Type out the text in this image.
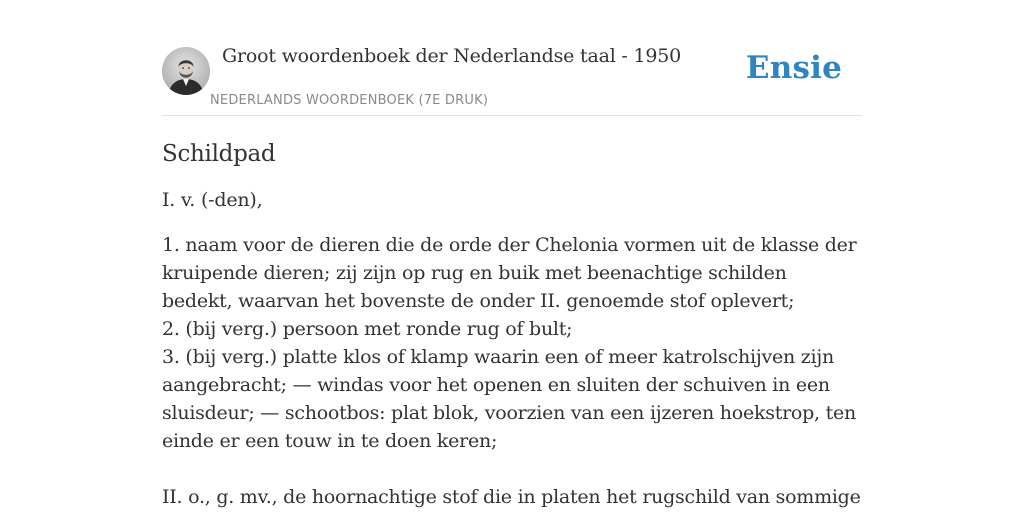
Groot woordenboek der Nederlandse taal - 1950
NEDERLANDS WOORDENBOEK (7E DRUK)
Ensie
Schildpad

I. v. (-den),

1. naam voor de dieren die de orde der Chelonia vormen uit de klasse der kruipende dieren; zij zijn op rug en buik met beenachtige schilden bedekt, waarvan het bovenste de onder II. genoemde stof oplevert;

2. (bij verg.) persoon met ronde rug of bult;

3. (bij verg.) platte klos of klamp waarin een of meer katrolschijven zijn aangebracht; — windas voor het openen en sluiten der schuiven in een sluisdeur; — schootbos: plat blok, voorzien van een ijzeren hoekstrop, ten einde er een touw in te doen keren;

II. o., g. mv., de hoornachtige stof die in platen het rugschild van sommige
